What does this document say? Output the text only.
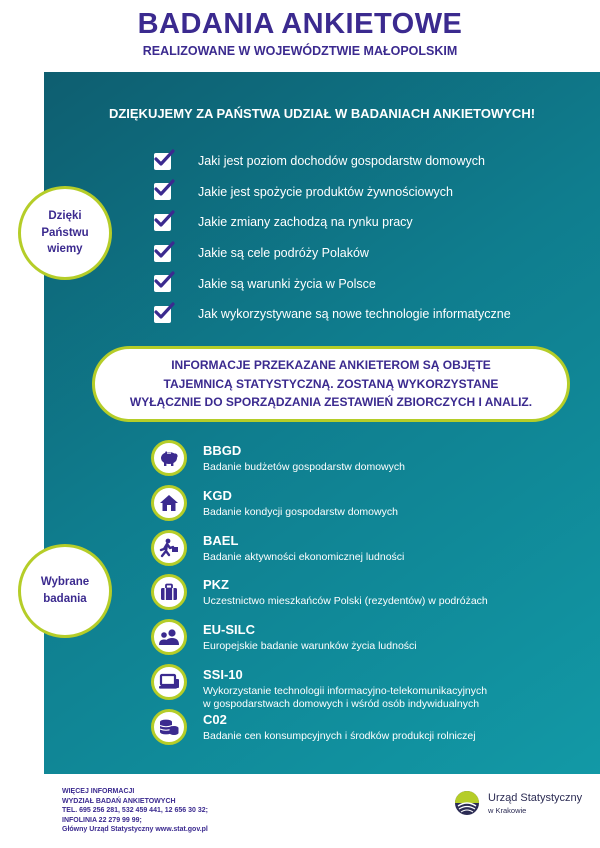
BADANIA ANKIETOWE
REALIZOWANE W WOJEWÓDZTWIE MAŁOPOLSKIM
DZIĘKUJEMY ZA PAŃSTWA UDZIAŁ W BADANIACH ANKIETOWYCH!
Jaki jest poziom dochodów gospodarstw domowych
Jakie jest spożycie produktów żywnościowych
Jakie zmiany zachodzą na rynku pracy
Jakie są cele podróży Polaków
Jakie są warunki życia w Polsce
Jak wykorzystywane są nowe technologie informatyczne
Dzięki
Państwu
wiemy
INFORMACJE PRZEKAZANE ANKIETEROM SĄ OBJĘTE
TAJEMNICĄ STATYSTYCZNĄ. ZOSTANĄ WYKORZYSTANE
WYŁĄCZNIE DO SPORZĄDZANIA ZESTAWIEŃ ZBIORCZYCH I ANALIZ.
Wybrane
badania
BBGD
Badanie budżetów gospodarstw domowych
KGD
Badanie kondycji gospodarstw domowych
BAEL
Badanie aktywności ekonomicznej ludności
PKZ
Uczestnictwo mieszkańców Polski (rezydentów) w podróżach
EU-SILC
Europejskie badanie warunków życia ludności
SSI-10
Wykorzystanie technologii informacyjno-telekomunikacyjnych
w gospodarstwach domowych i wśród osób indywidualnych
C02
Badanie cen konsumpcyjnych i środków produkcji rolniczej
WIĘCEJ INFORMACJI
WYDZIAŁ BADAŃ ANKIETOWYCH
TEL. 695 256 281, 532 459 441, 12 656 30 32;
INFOLINIA 22 279 99 99;
Główny Urząd Statystyczny www.stat.gov.pl
Urząd Statystyczny
w Krakowie
